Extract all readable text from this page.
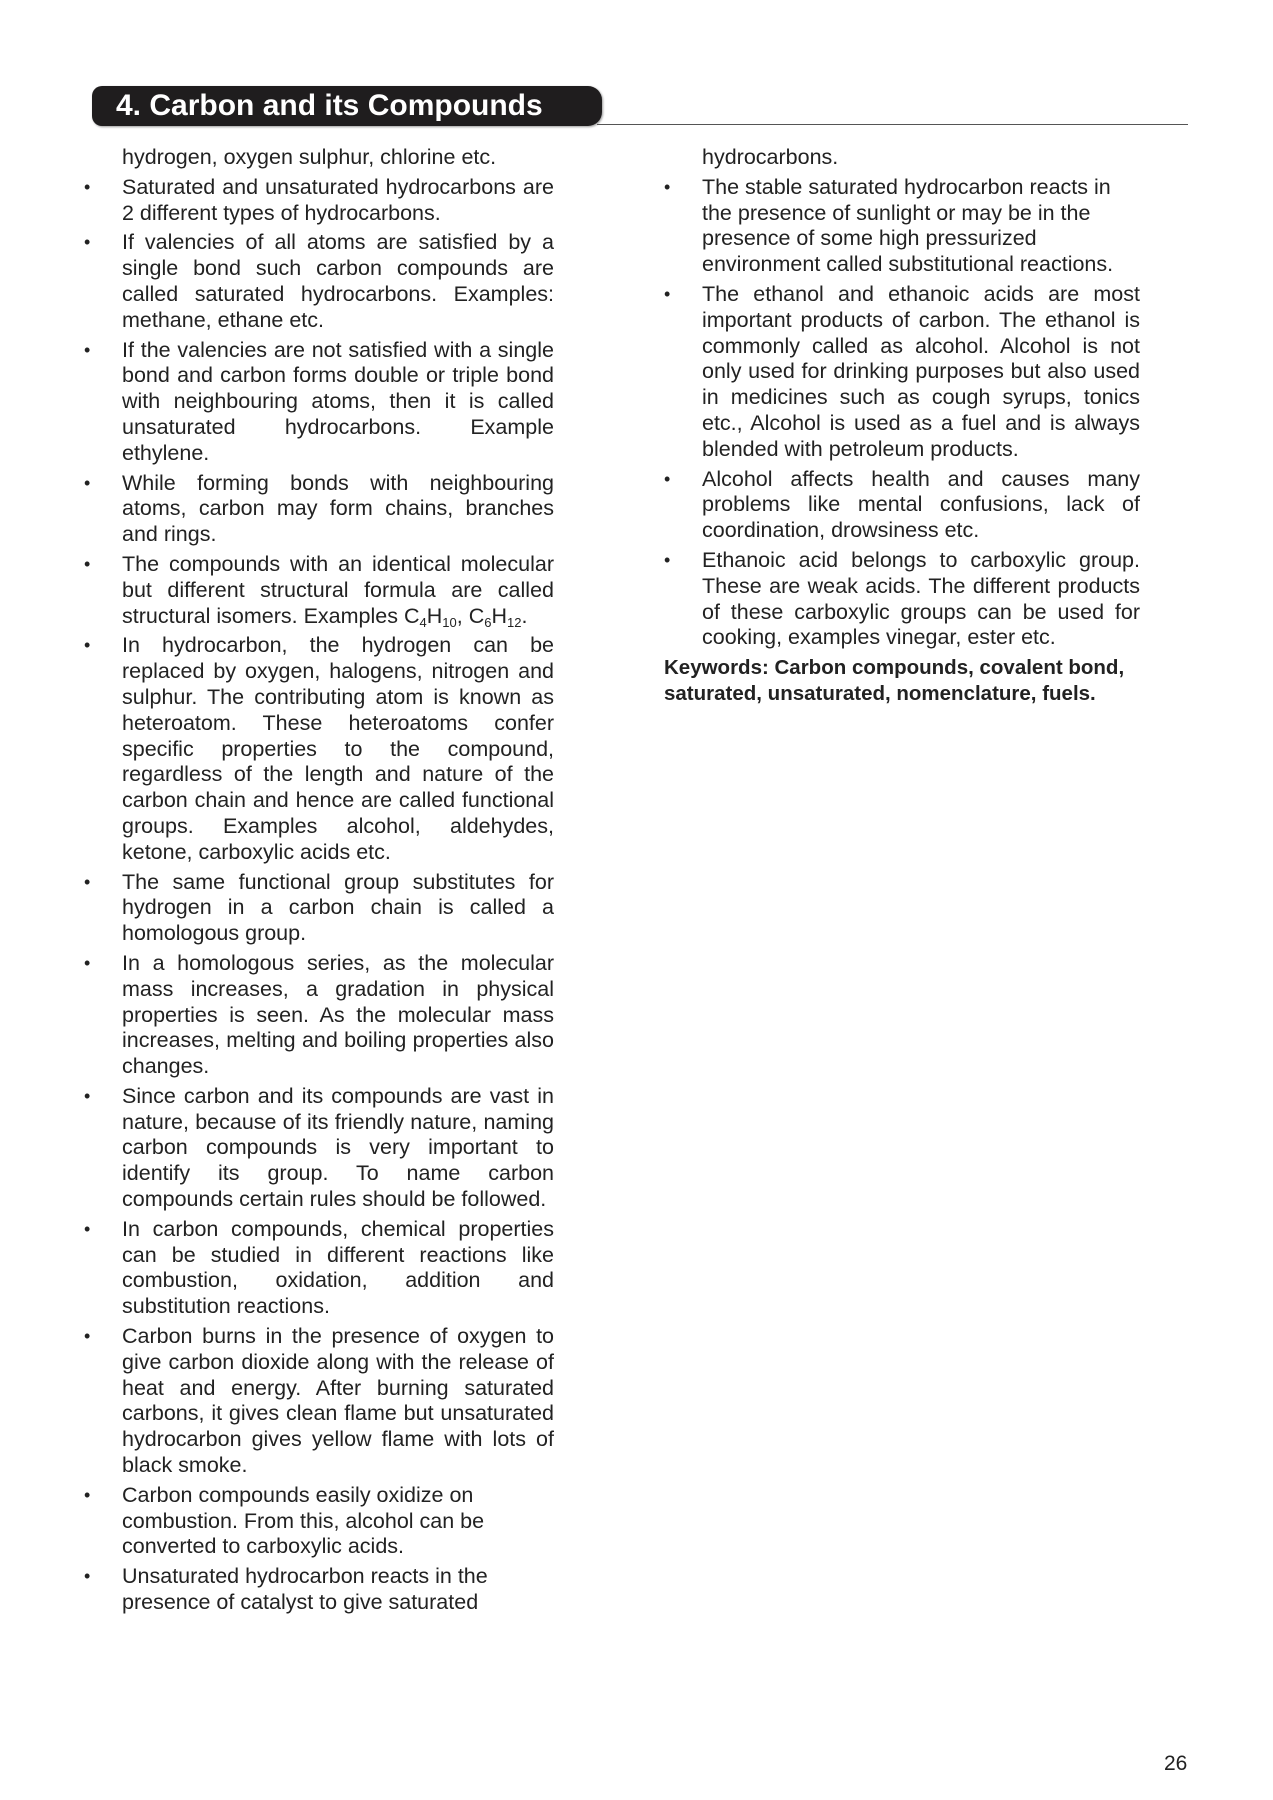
4. Carbon and its Compounds
hydrogen, oxygen sulphur, chlorine etc.
• Saturated and unsaturated hydrocarbons are 2 different types of hydrocarbons.
• If valencies of all atoms are satisfied by a single bond such carbon compounds are called saturated hydrocarbons. Examples: methane, ethane etc.
• If the valencies are not satisfied with a single bond and carbon forms double or triple bond with neighbouring atoms, then it is called unsaturated hydrocarbons. Example ethylene.
• While forming bonds with neighbouring atoms, carbon may form chains, branches and rings.
• The compounds with an identical molecular but different structural formula are called structural isomers. Examples $C_4H_{10}$, $C_6H_{12}$.
• In hydrocarbon, the hydrogen can be replaced by oxygen, halogens, nitrogen and sulphur. The contributing atom is known as heteroatom. These heteroatoms confer specific properties to the compound, regardless of the length and nature of the carbon chain and hence are called functional groups. Examples alcohol, aldehydes, ketone, carboxylic acids etc.
• The same functional group substitutes for hydrogen in a carbon chain is called a homologous group.
• In a homologous series, as the molecular mass increases, a gradation in physical properties is seen. As the molecular mass increases, melting and boiling properties also changes.
• Since carbon and its compounds are vast in nature, because of its friendly nature, naming carbon compounds is very important to identify its group. To name carbon compounds certain rules should be followed.
• In carbon compounds, chemical properties can be studied in different reactions like combustion, oxidation, addition and substitution reactions.
• Carbon burns in the presence of oxygen to give carbon dioxide along with the release of heat and energy. After burning saturated carbons, it gives clean flame but unsaturated hydrocarbon gives yellow flame with lots of black smoke.
• Carbon compounds easily oxidize on combustion. From this, alcohol can be converted to carboxylic acids.
• Unsaturated hydrocarbon reacts in the presence of catalyst to give saturated
hydrocarbons.
• The stable saturated hydrocarbon reacts in the presence of sunlight or may be in the presence of some high pressurized environment called substitutional reactions.
• The ethanol and ethanoic acids are most important products of carbon. The ethanol is commonly called as alcohol. Alcohol is not only used for drinking purposes but also used in medicines such as cough syrups, tonics etc., Alcohol is used as a fuel and is always blended with petroleum products.
• Alcohol affects health and causes many problems like mental confusions, lack of coordination, drowsiness etc.
• Ethanoic acid belongs to carboxylic group. These are weak acids. The different products of these carboxylic groups can be used for cooking, examples vinegar, ester etc.
Keywords: Carbon compounds, covalent bond, saturated, unsaturated, nomenclature, fuels.
26
